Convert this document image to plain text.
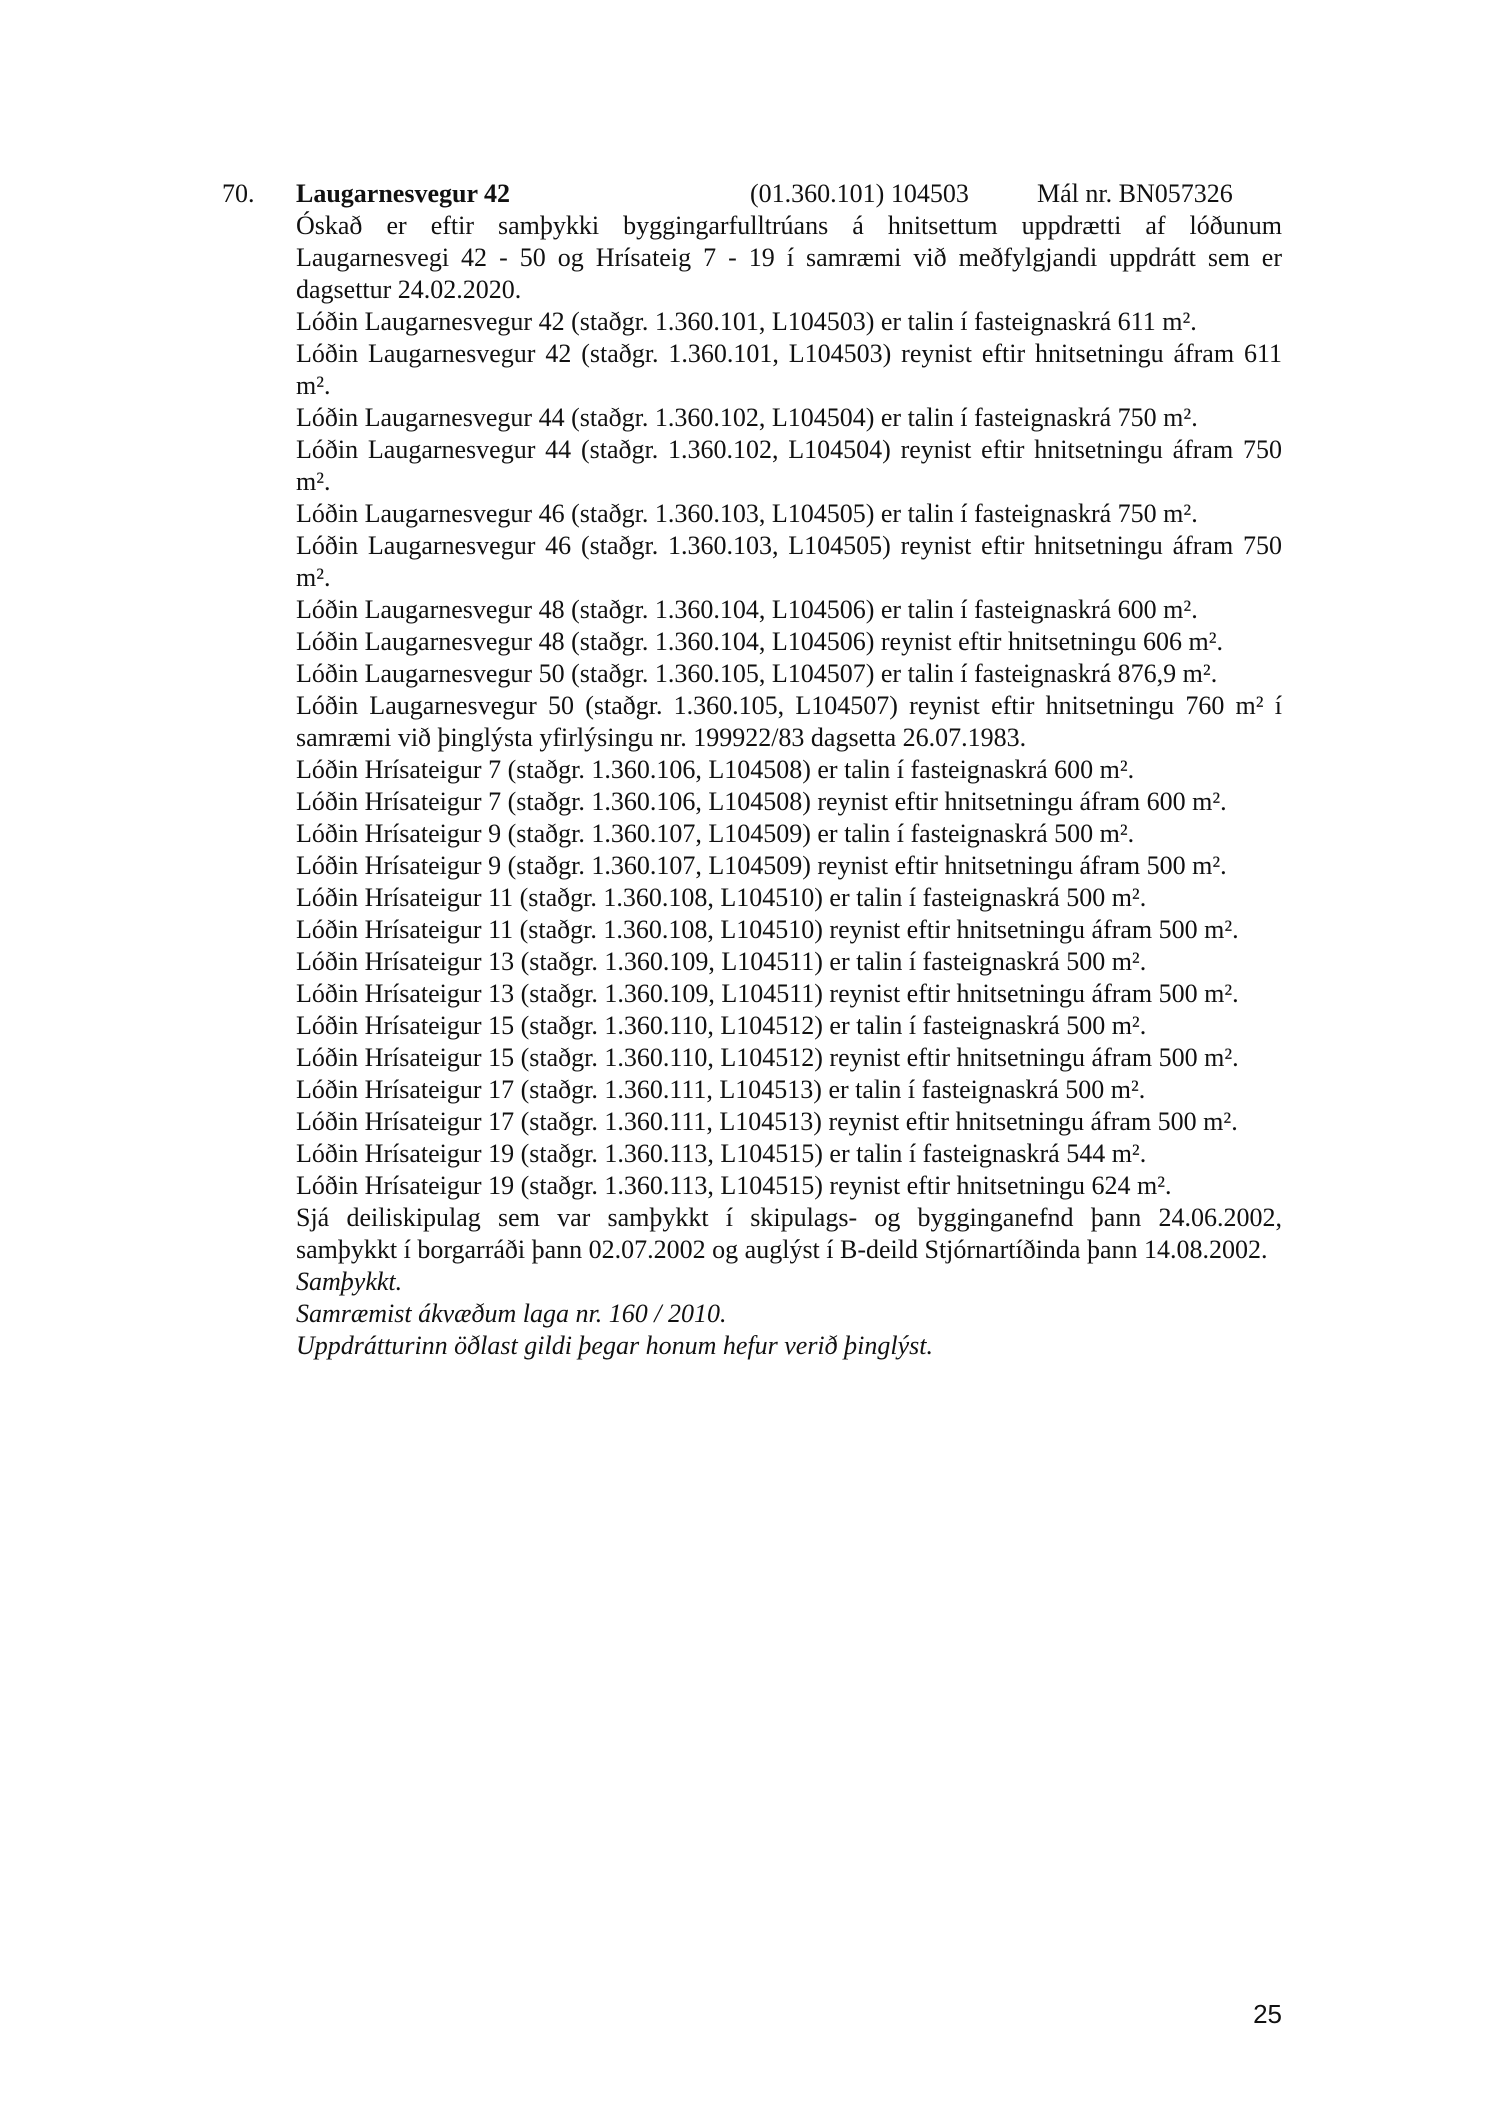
70. Laugarnesvegur 42	(01.360.101) 104503	Mál nr. BN057326

Óskað er eftir samþykki byggingarfulltrúans á hnitsettum uppdrætti af lóðunum Laugarnesvegi 42 - 50 og Hrísateig 7 - 19 í samræmi við meðfylgjandi uppdrátt sem er dagsettur 24.02.2020.

Lóðin Laugarnesvegur 42 (staðgr. 1.360.101, L104503) er talin í fasteignaskrá 611 m².

Lóðin Laugarnesvegur 42 (staðgr. 1.360.101, L104503) reynist eftir hnitsetningu áfram 611 m².

Lóðin Laugarnesvegur 44 (staðgr. 1.360.102, L104504) er talin í fasteignaskrá 750 m².

Lóðin Laugarnesvegur 44 (staðgr. 1.360.102, L104504) reynist eftir hnitsetningu áfram 750 m².

Lóðin Laugarnesvegur 46 (staðgr. 1.360.103, L104505) er talin í fasteignaskrá 750 m².

Lóðin Laugarnesvegur 46 (staðgr. 1.360.103, L104505) reynist eftir hnitsetningu áfram 750 m².

Lóðin Laugarnesvegur 48 (staðgr. 1.360.104, L104506) er talin í fasteignaskrá 600 m².

Lóðin Laugarnesvegur 48 (staðgr. 1.360.104, L104506) reynist eftir hnitsetningu 606 m².

Lóðin Laugarnesvegur 50 (staðgr. 1.360.105, L104507) er talin í fasteignaskrá 876,9 m².

Lóðin Laugarnesvegur 50 (staðgr. 1.360.105, L104507) reynist eftir hnitsetningu 760 m² í samræmi við þinglýsta yfirlýsingu nr. 199922/83 dagsetta 26.07.1983.

Lóðin Hrísateigur 7 (staðgr. 1.360.106, L104508) er talin í fasteignaskrá 600 m².

Lóðin Hrísateigur 7 (staðgr. 1.360.106, L104508) reynist eftir hnitsetningu áfram 600 m².

Lóðin Hrísateigur 9 (staðgr. 1.360.107, L104509) er talin í fasteignaskrá 500 m².

Lóðin Hrísateigur 9 (staðgr. 1.360.107, L104509) reynist eftir hnitsetningu áfram 500 m².

Lóðin Hrísateigur 11 (staðgr. 1.360.108, L104510) er talin í fasteignaskrá 500 m².

Lóðin Hrísateigur 11 (staðgr. 1.360.108, L104510) reynist eftir hnitsetningu áfram 500 m².

Lóðin Hrísateigur 13 (staðgr. 1.360.109, L104511) er talin í fasteignaskrá 500 m².

Lóðin Hrísateigur 13 (staðgr. 1.360.109, L104511) reynist eftir hnitsetningu áfram 500 m².

Lóðin Hrísateigur 15 (staðgr. 1.360.110, L104512) er talin í fasteignaskrá 500 m².

Lóðin Hrísateigur 15 (staðgr. 1.360.110, L104512) reynist eftir hnitsetningu áfram 500 m².

Lóðin Hrísateigur 17 (staðgr. 1.360.111, L104513) er talin í fasteignaskrá 500 m².

Lóðin Hrísateigur 17 (staðgr. 1.360.111, L104513) reynist eftir hnitsetningu áfram 500 m².

Lóðin Hrísateigur 19 (staðgr. 1.360.113, L104515) er talin í fasteignaskrá 544 m².

Lóðin Hrísateigur 19 (staðgr. 1.360.113, L104515) reynist eftir hnitsetningu 624 m².

Sjá deiliskipulag sem var samþykkt í skipulags- og bygginganefnd þann 24.06.2002, samþykkt í borgarráði þann 02.07.2002 og auglýst í B-deild Stjórnartíðinda þann 14.08.2002.

Samþykkt.

Samræmist ákvæðum laga nr. 160 / 2010.

Uppdrátturinn öðlast gildi þegar honum hefur verið þinglýst.

25
